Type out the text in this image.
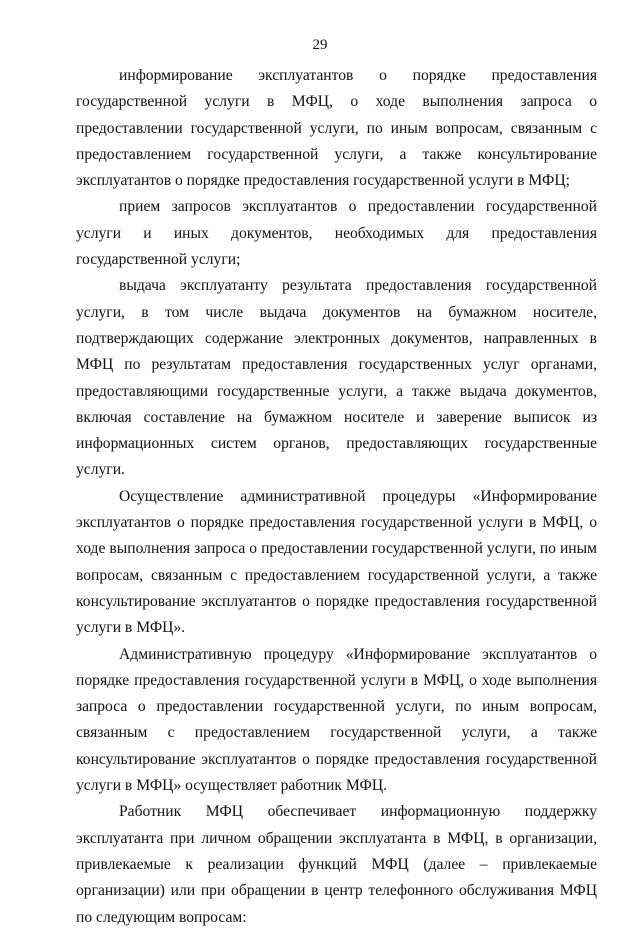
29

информирование эксплуатантов о порядке предоставления государственной услуги в МФЦ, о ходе выполнения запроса о предоставлении государственной услуги, по иным вопросам, связанным с предоставлением государственной услуги, а также консультирование эксплуатантов о порядке предоставления государственной услуги в МФЦ;

прием запросов эксплуатантов о предоставлении государственной услуги и иных документов, необходимых для предоставления государственной услуги;

выдача эксплуатанту результата предоставления государственной услуги, в том числе выдача документов на бумажном носителе, подтверждающих содержание электронных документов, направленных в МФЦ по результатам предоставления государственных услуг органами, предоставляющими государственные услуги, а также выдача документов, включая составление на бумажном носителе и заверение выписок из информационных систем органов, предоставляющих государственные услуги.

Осуществление административной процедуры «Информирование эксплуатантов о порядке предоставления государственной услуги в МФЦ, о ходе выполнения запроса о предоставлении государственной услуги, по иным вопросам, связанным с предоставлением государственной услуги, а также консультирование эксплуатантов о порядке предоставления государственной услуги в МФЦ».

Административную процедуру «Информирование эксплуатантов о порядке предоставления государственной услуги в МФЦ, о ходе выполнения запроса о предоставлении государственной услуги, по иным вопросам, связанным с предоставлением государственной услуги, а также консультирование эксплуатантов о порядке предоставления государственной услуги в МФЦ» осуществляет работник МФЦ.

Работник МФЦ обеспечивает информационную поддержку эксплуатанта при личном обращении эксплуатанта в МФЦ, в организации, привлекаемые к реализации функций МФЦ (далее – привлекаемые организации) или при обращении в центр телефонного обслуживания МФЦ по следующим вопросам:
